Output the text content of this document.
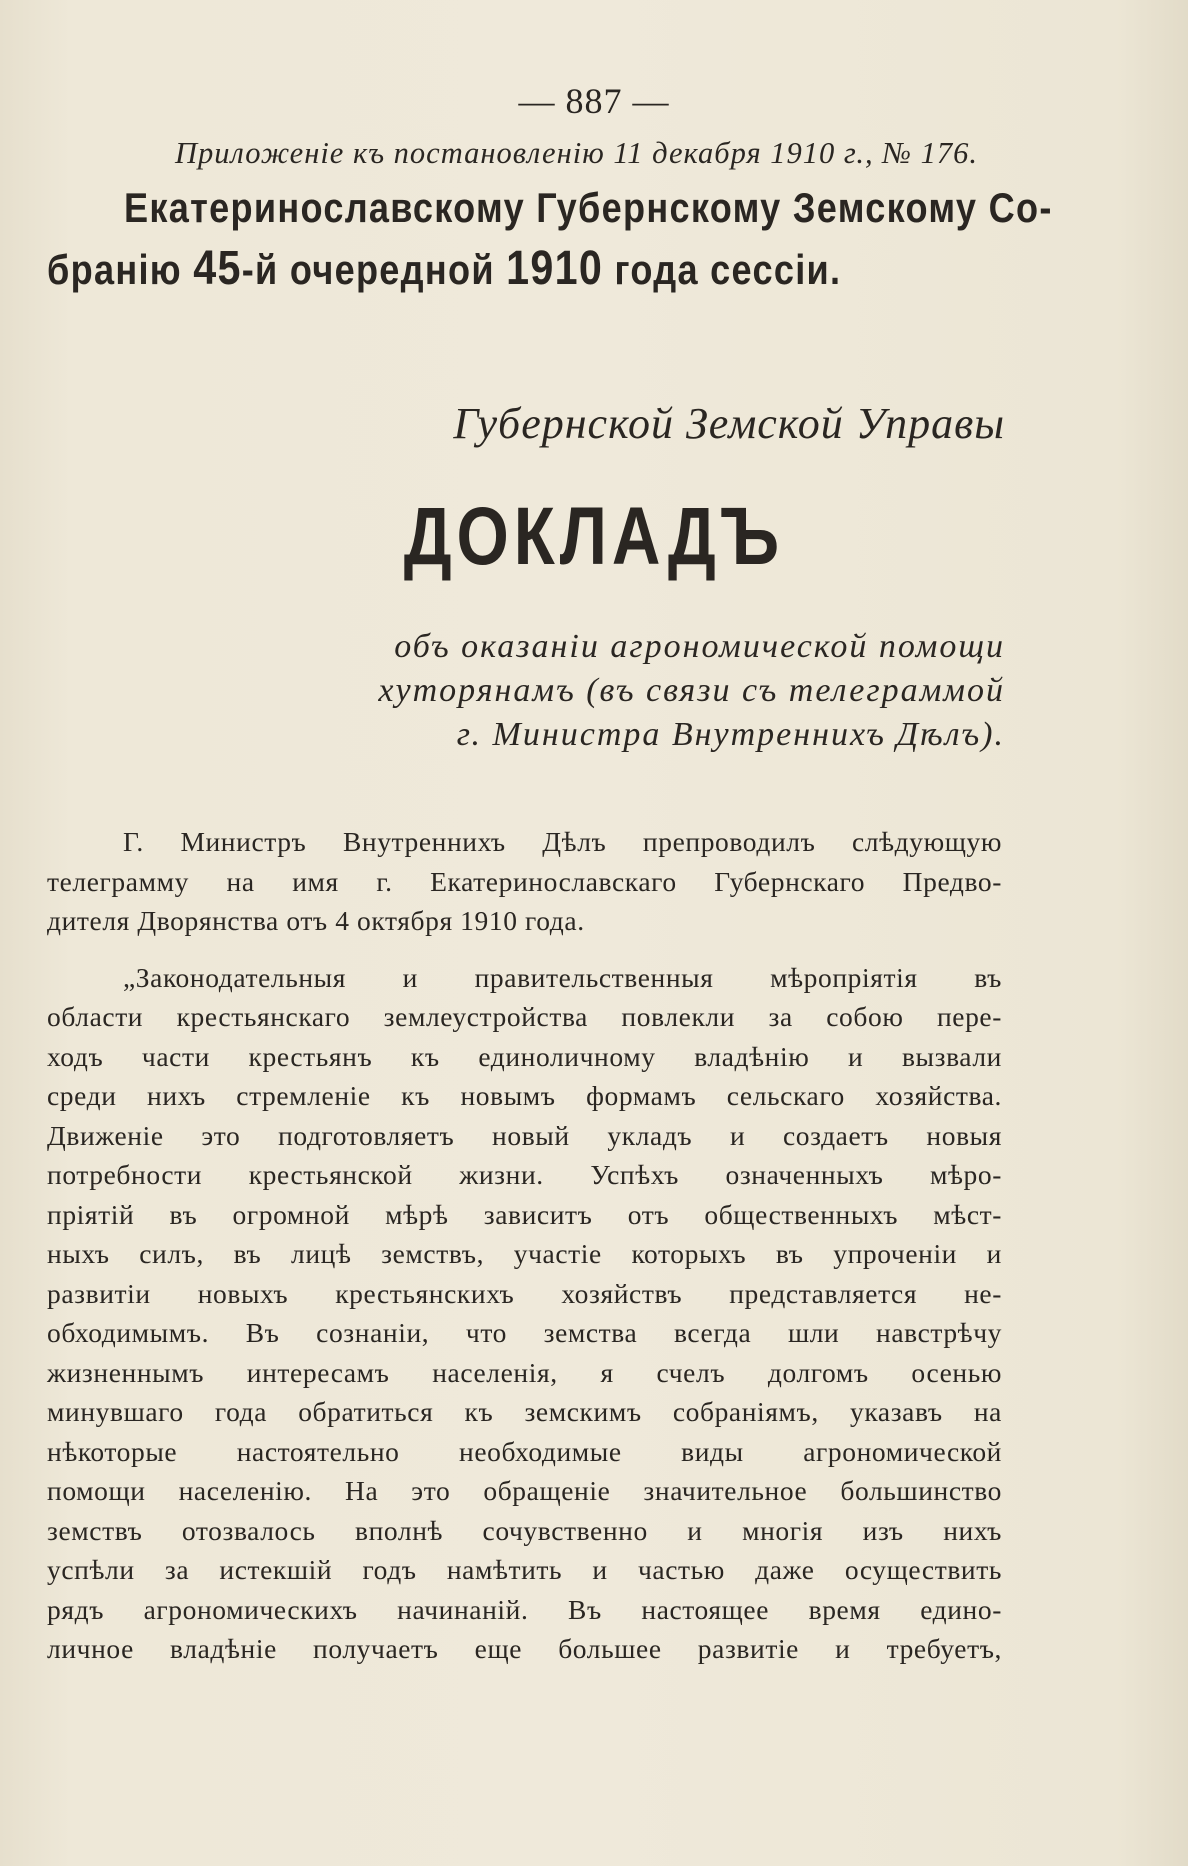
— 887 —
Приложенiе къ постановленiю 11 декабря 1910 г., № 176.
Екатеринославскому Губернскому Земскому Со-
бранiю 45-й очередной 1910 года сессiи.
Губернской Земской Управы
ДОКЛАДЪ
объ оказанiи агрономической помощи
хуторянамъ (въ связи съ телеграммой
г. Министра Внутреннихъ Дѣлъ).
Г. Министръ Внутреннихъ Дѣлъ препроводилъ слѣдующую
телеграмму на имя г. Екатеринославскаго Губернскаго Предво-
дителя Дворянства отъ 4 октября 1910 года.
„Законодательныя и правительственныя мѣропрiятiя въ
области крестьянскаго землеустройства повлекли за собою пере-
ходъ части крестьянъ къ единоличному владѣнiю и вызвали
среди нихъ стремленiе къ новымъ формамъ сельскаго хозяйства.
Движенiе это подготовляетъ новый укладъ и создаетъ новыя
потребности крестьянской жизни. Успѣхъ означенныхъ мѣро-
прiятiй въ огромной мѣрѣ зависитъ отъ общественныхъ мѣст-
ныхъ силъ, въ лицѣ земствъ, участiе которыхъ въ упроченiи и
развитiи новыхъ крестьянскихъ хозяйствъ представляется не-
обходимымъ. Въ сознанiи, что земства всегда шли навстрѣчу
жизненнымъ интересамъ населенiя, я счелъ долгомъ осенью
минувшаго года обратиться къ земскимъ собранiямъ, указавъ на
нѣкоторые настоятельно необходимые виды агрономической
помощи населенiю. На это обращенiе значительное большинство
земствъ отозвалось вполнѣ сочувственно и многiя изъ нихъ
успѣли за истекшiй годъ намѣтить и частью даже осуществить
рядъ агрономическихъ начинанiй. Въ настоящее время едино-
личное владѣнiе получаетъ еще большее развитiе и требуетъ,
